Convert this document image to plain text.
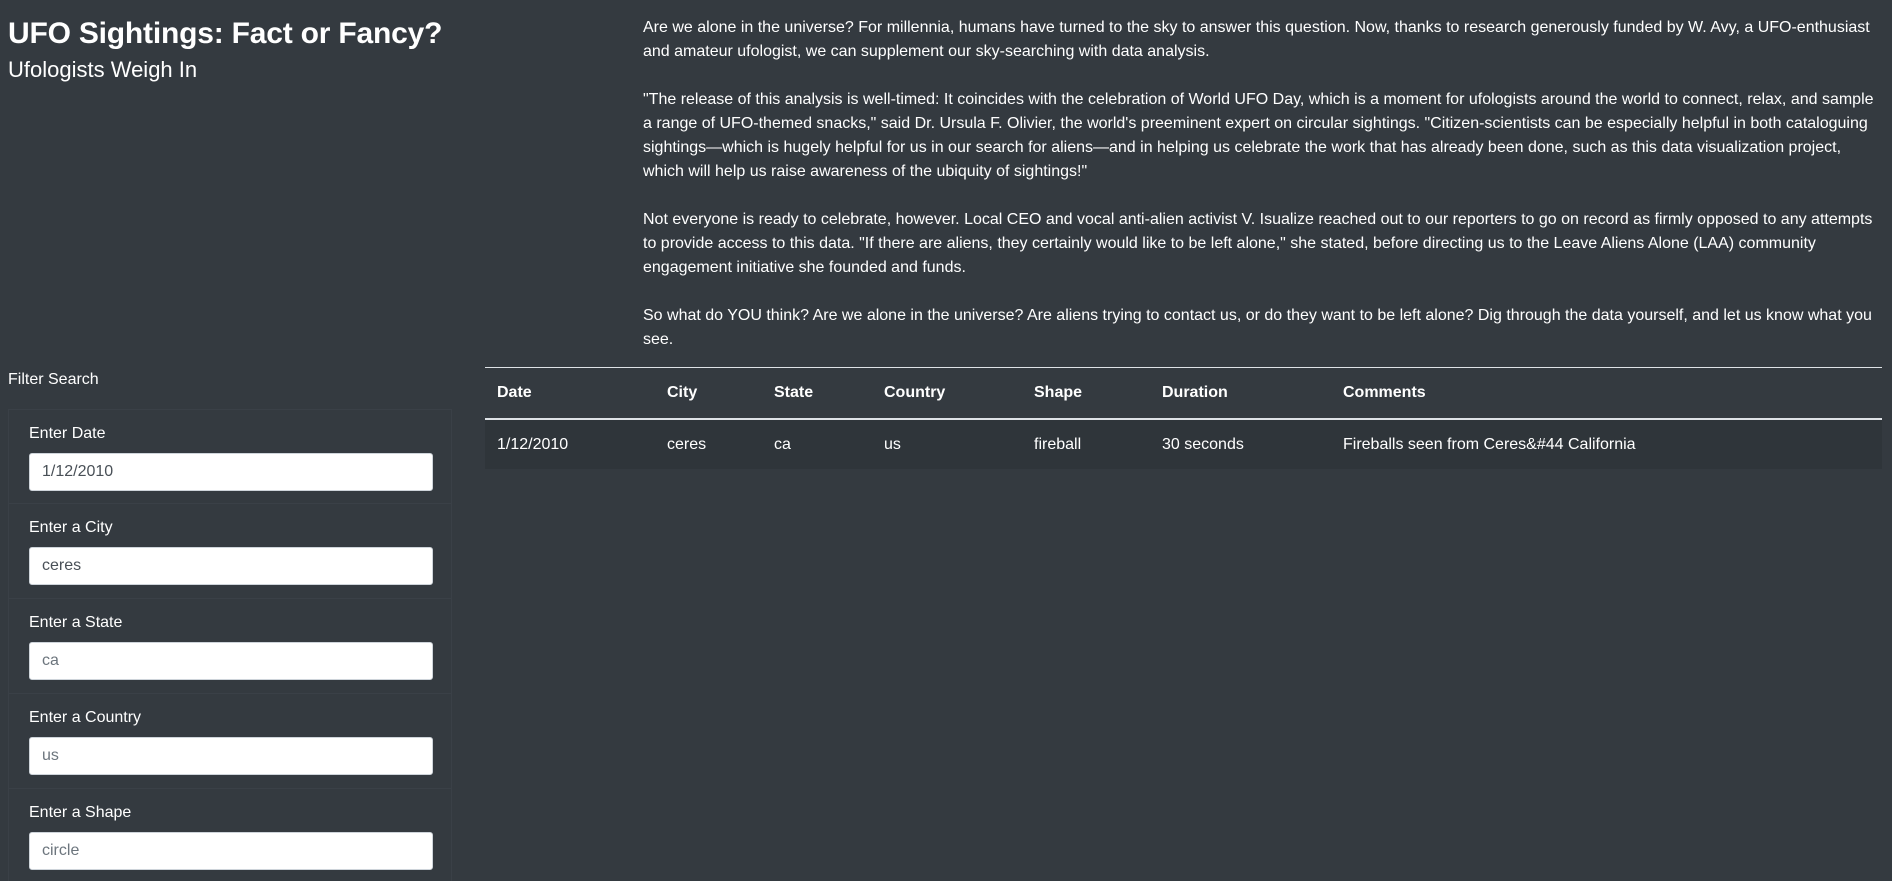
UFO Sightings: Fact or Fancy?
Ufologists Weigh In

Are we alone in the universe? For millennia, humans have turned to the sky to answer this question. Now, thanks to research generously funded by W. Avy, a UFO-enthusiast and amateur ufologist, we can supplement our sky-searching with data analysis.

"The release of this analysis is well-timed: It coincides with the celebration of World UFO Day, which is a moment for ufologists around the world to connect, relax, and sample a range of UFO-themed snacks," said Dr. Ursula F. Olivier, the world's preeminent expert on circular sightings. "Citizen-scientists can be especially helpful in both cataloguing sightings—which is hugely helpful for us in our search for aliens—and in helping us celebrate the work that has already been done, such as this data visualization project, which will help us raise awareness of the ubiquity of sightings!"

Not everyone is ready to celebrate, however. Local CEO and vocal anti-alien activist V. Isualize reached out to our reporters to go on record as firmly opposed to any attempts to provide access to this data. "If there are aliens, they certainly would like to be left alone," she stated, before directing us to the Leave Aliens Alone (LAA) community engagement initiative she founded and funds.

So what do YOU think? Are we alone in the universe? Are aliens trying to contact us, or do they want to be left alone? Dig through the data yourself, and let us know what you see.

Filter Search
Enter Date
1/12/2010
Enter a City
ceres
Enter a State
ca
Enter a Country
us
Enter a Shape
circle
Date	City	State	Country	Shape	Duration	Comments
1/12/2010	ceres	ca	us	fireball	30 seconds	Fireballs seen from Ceres&#44 California
